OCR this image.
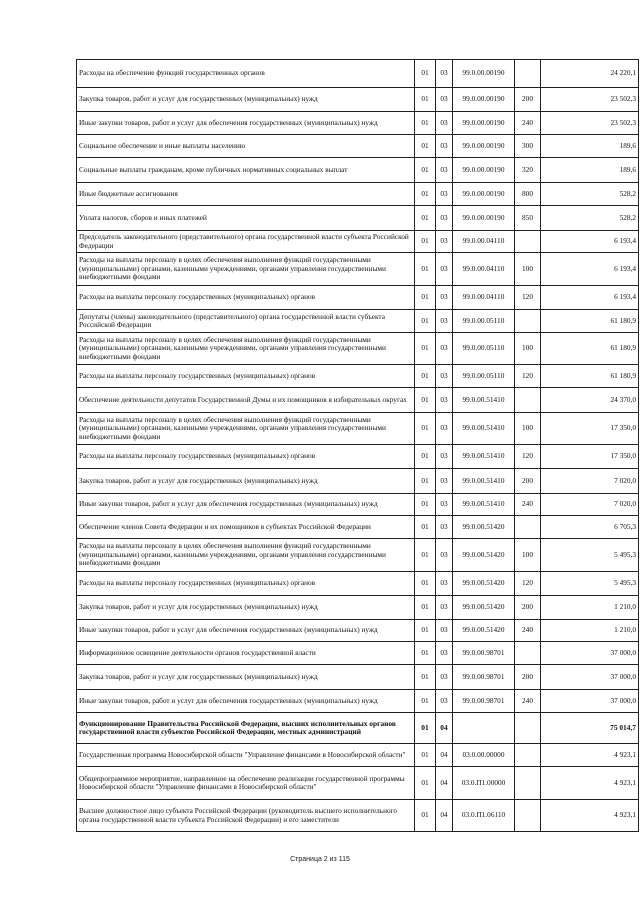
Расходы на обеспечение функций государственных органов	01	03	99.0.00.00190		24 220,1
Закупка товаров, работ и услуг для государственных (муниципальных) нужд	01	03	99.0.00.00190	200	23 502,3
Иные закупки товаров, работ и услуг для обеспечения государственных (муниципальных) нужд	01	03	99.0.00.00190	240	23 502,3
Социальное обеспечение и иные выплаты населению	01	03	99.0.00.00190	300	189,6
Социальные выплаты гражданам, кроме публичных нормативных социальных выплат	01	03	99.0.00.00190	320	189,6
Иные бюджетные ассигнования	01	03	99.0.00.00190	800	528,2
Уплата налогов, сборов и иных платежей	01	03	99.0.00.00190	850	528,2
Председатель законодательного (представительного) органа государственной власти субъекта Российской Федерации	01	03	99.0.00.04110		6 193,4
Расходы на выплаты персоналу в целях обеспечения выполнения функций государственными (муниципальными) органами, казенными учреждениями, органами управления государственными внебюджетными фондами	01	03	99.0.00.04110	100	6 193,4
Расходы на выплаты персоналу государственных (муниципальных) органов	01	03	99.0.00.04110	120	6 193,4
Депутаты (члены) законодательного (представительного) органа государственной власти субъекта Российской Федерации	01	03	99.0.00.05110		61 180,9
Расходы на выплаты персоналу в целях обеспечения выполнения функций государственными (муниципальными) органами, казенными учреждениями, органами управления государственными внебюджетными фондами	01	03	99.0.00.05110	100	61 180,9
Расходы на выплаты персоналу государственных (муниципальных) органов	01	03	99.0.00.05110	120	61 180,9
Обеспечение деятельности депутатов Государственной Думы и их помощников в избирательных округах	01	03	99.0.00.51410		24 370,0
Расходы на выплаты персоналу в целях обеспечения выполнения функций государственными (муниципальными) органами, казенными учреждениями, органами управления государственными внебюджетными фондами	01	03	99.0.00.51410	100	17 350,0
Расходы на выплаты персоналу государственных (муниципальных) органов	01	03	99.0.00.51410	120	17 350,0
Закупка товаров, работ и услуг для государственных (муниципальных) нужд	01	03	99.0.00.51410	200	7 020,0
Иные закупки товаров, работ и услуг для обеспечения государственных (муниципальных) нужд	01	03	99.0.00.51410	240	7 020,0
Обеспечение членов Совета Федерации и их помощников в субъектах Российской Федерации	01	03	99.0.00.51420		6 705,3
Расходы на выплаты персоналу в целях обеспечения выполнения функций государственными (муниципальными) органами, казенными учреждениями, органами управления государственными внебюджетными фондами	01	03	99.0.00.51420	100	5 495,3
Расходы на выплаты персоналу государственных (муниципальных) органов	01	03	99.0.00.51420	120	5 495,3
Закупка товаров, работ и услуг для государственных (муниципальных) нужд	01	03	99.0.00.51420	200	1 210,0
Иные закупки товаров, работ и услуг для обеспечения государственных (муниципальных) нужд	01	03	99.0.00.51420	240	1 210,0
Информационное освещение деятельности органов государственной власти	01	03	99.0.00.98701		37 000,0
Закупка товаров, работ и услуг для государственных (муниципальных) нужд	01	03	99.0.00.98701	200	37 000,0
Иные закупки товаров, работ и услуг для обеспечения государственных (муниципальных) нужд	01	03	99.0.00.98701	240	37 000,0
Функционирование Правительства Российской Федерации, высших исполнительных органов государственной власти субъектов Российской Федерации, местных администраций	01	04			75 014,7
Государственная программа Новосибирской области "Управление финансами в Новосибирской области"	01	04	03.0.00.00000		4 923,1
Общепрограммное мероприятие, направленное на обеспечение реализации государственной программы Новосибирской области "Управление финансами в Новосибирской области"	01	04	03.0.П1.00000		4 923,1
Высшее должностное лицо субъекта Российской Федерации (руководитель высшего исполнительного органа государственной власти субъекта Российской Федерации) и его заместители	01	04	03.0.П1.06110		4 923,1
Страница 2 из 115
